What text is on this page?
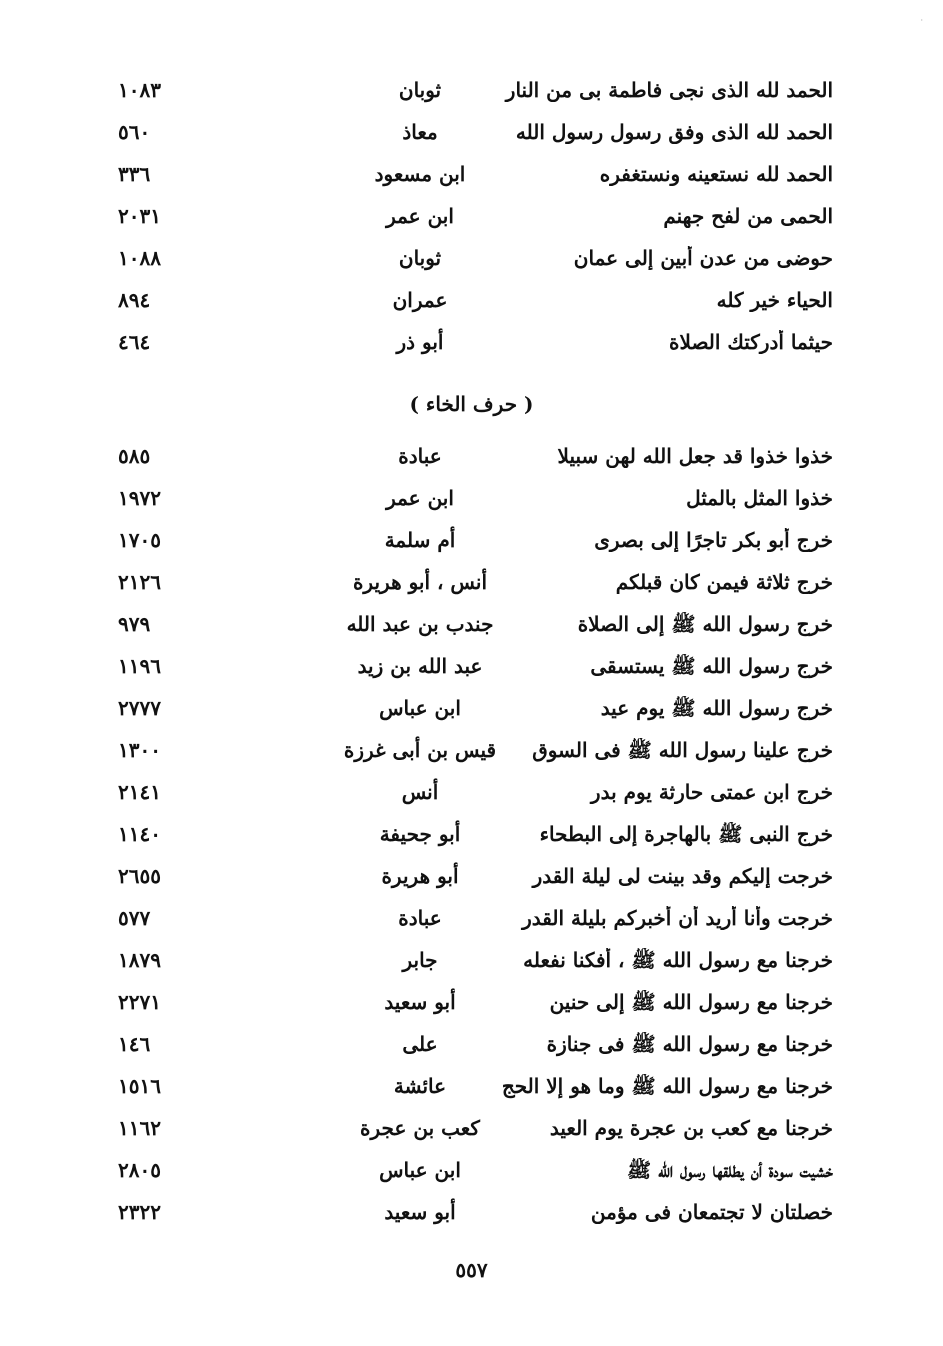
·
الحمد لله الذى نجى فاطمة بى من النار
ثوبان
١٠٨٣
الحمد لله الذى وفق رسول رسول الله
معاذ
٥٦٠
الحمد لله نستعينه ونستغفره
ابن مسعود
٣٣٦
الحمى من لفح جهنم
ابن عمر
٢٠٣١
حوضى من عدن أبين إلى عمان
ثوبان
١٠٨٨
الحياء خير كله
عمران
٨٩٤
حيثما أدركتك الصلاة
أبو ذر
٤٦٤
( حرف الخاء )
خذوا خذوا قد جعل الله لهن سبيلا
عبادة
٥٨٥
خذوا المثل بالمثل
ابن عمر
١٩٧٢
خرج أبو بكر تاجرًا إلى بصرى
أم سلمة
١٧٠٥
خرج ثلاثة فيمن كان قبلكم
أنس ، أبو هريرة
٢١٢٦
خرج رسول الله ﷺ إلى الصلاة
جندب بن عبد الله
٩٧٩
خرج رسول الله ﷺ يستسقى
عبد الله بن زيد
١١٩٦
خرج رسول الله ﷺ يوم عيد
ابن عباس
٢٧٧٧
خرج علينا رسول الله ﷺ فى السوق
قيس بن أبى غرزة
١٣٠٠
خرج ابن عمتى حارثة يوم بدر
أنس
٢١٤١
خرج النبى ﷺ بالهاجرة إلى البطحاء
أبو جحيفة
١١٤٠
خرجت إليكم وقد بينت لى ليلة القدر
أبو هريرة
٢٦٥٥
خرجت وأنا أريد أن أخبركم بليلة القدر
عبادة
٥٧٧
خرجنا مع رسول الله ﷺ ، أفكنا نفعله
جابر
١٨٧٩
خرجنا مع رسول الله ﷺ إلى حنين
أبو سعيد
٢٢٧١
خرجنا مع رسول الله ﷺ فى جنازة
على
١٤٦
خرجنا مع رسول الله ﷺ وما هو إلا الحج
عائشة
١٥١٦
خرجنا مع كعب بن عجرة يوم العيد
كعب بن عجرة
١١٦٢
خشيت سودة أن يطلقها رسول الله ﷺ
ابن عباس
٢٨٠٥
خصلتان لا تجتمعان فى مؤمن
أبو سعيد
٢٣٢٢
٥٥٧
